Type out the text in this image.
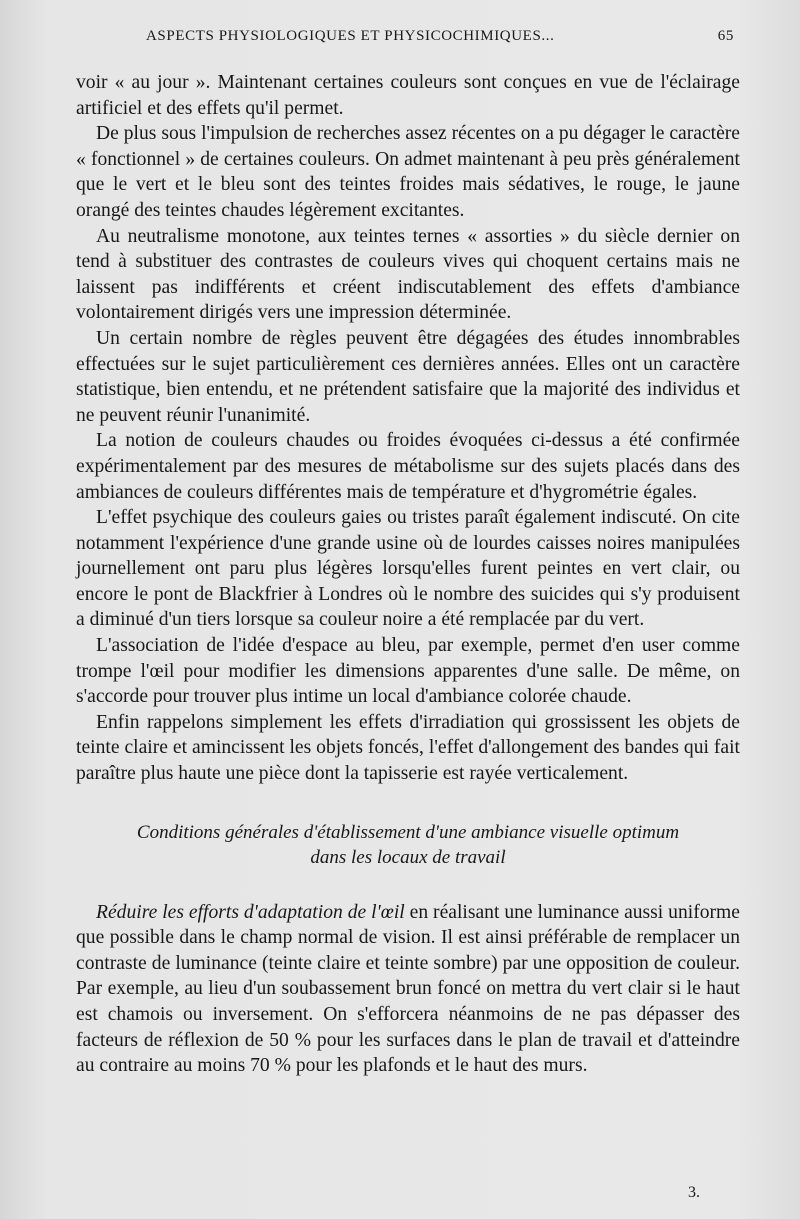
ASPECTS PHYSIOLOGIQUES ET PHYSICOCHIMIQUES...	65

voir « au jour ». Maintenant certaines couleurs sont conçues en vue de l'éclairage artificiel et des effets qu'il permet.

De plus sous l'impulsion de recherches assez récentes on a pu dégager le caractère « fonctionnel » de certaines couleurs. On admet maintenant à peu près généralement que le vert et le bleu sont des teintes froides mais sédatives, le rouge, le jaune orangé des teintes chaudes légèrement excitantes.

Au neutralisme monotone, aux teintes ternes « assorties » du siècle dernier on tend à substituer des contrastes de couleurs vives qui choquent certains mais ne laissent pas indifférents et créent indiscutablement des effets d'ambiance volontairement dirigés vers une impression déterminée.

Un certain nombre de règles peuvent être dégagées des études innombrables effectuées sur le sujet particulièrement ces dernières années. Elles ont un caractère statistique, bien entendu, et ne prétendent satisfaire que la majorité des individus et ne peuvent réunir l'unanimité.

La notion de couleurs chaudes ou froides évoquées ci-dessus a été confirmée expérimentalement par des mesures de métabolisme sur des sujets placés dans des ambiances de couleurs différentes mais de température et d'hygrométrie égales.

L'effet psychique des couleurs gaies ou tristes paraît également indiscuté. On cite notamment l'expérience d'une grande usine où de lourdes caisses noires manipulées journellement ont paru plus légères lorsqu'elles furent peintes en vert clair, ou encore le pont de Blackfrier à Londres où le nombre des suicides qui s'y produisent a diminué d'un tiers lorsque sa couleur noire a été remplacée par du vert.

L'association de l'idée d'espace au bleu, par exemple, permet d'en user comme trompe l'œil pour modifier les dimensions apparentes d'une salle. De même, on s'accorde pour trouver plus intime un local d'ambiance colorée chaude.

Enfin rappelons simplement les effets d'irradiation qui grossissent les objets de teinte claire et amincissent les objets foncés, l'effet d'allongement des bandes qui fait paraître plus haute une pièce dont la tapisserie est rayée verticalement.

Conditions générales d'établissement d'une ambiance visuelle optimum
dans les locaux de travail

Réduire les efforts d'adaptation de l'œil en réalisant une luminance aussi uniforme que possible dans le champ normal de vision. Il est ainsi préférable de remplacer un contraste de luminance (teinte claire et teinte sombre) par une opposition de couleur. Par exemple, au lieu d'un soubassement brun foncé on mettra du vert clair si le haut est chamois ou inversement. On s'efforcera néanmoins de ne pas dépasser des facteurs de réflexion de 50 % pour les surfaces dans le plan de travail et d'atteindre au contraire au moins 70 % pour les plafonds et le haut des murs.

3.
